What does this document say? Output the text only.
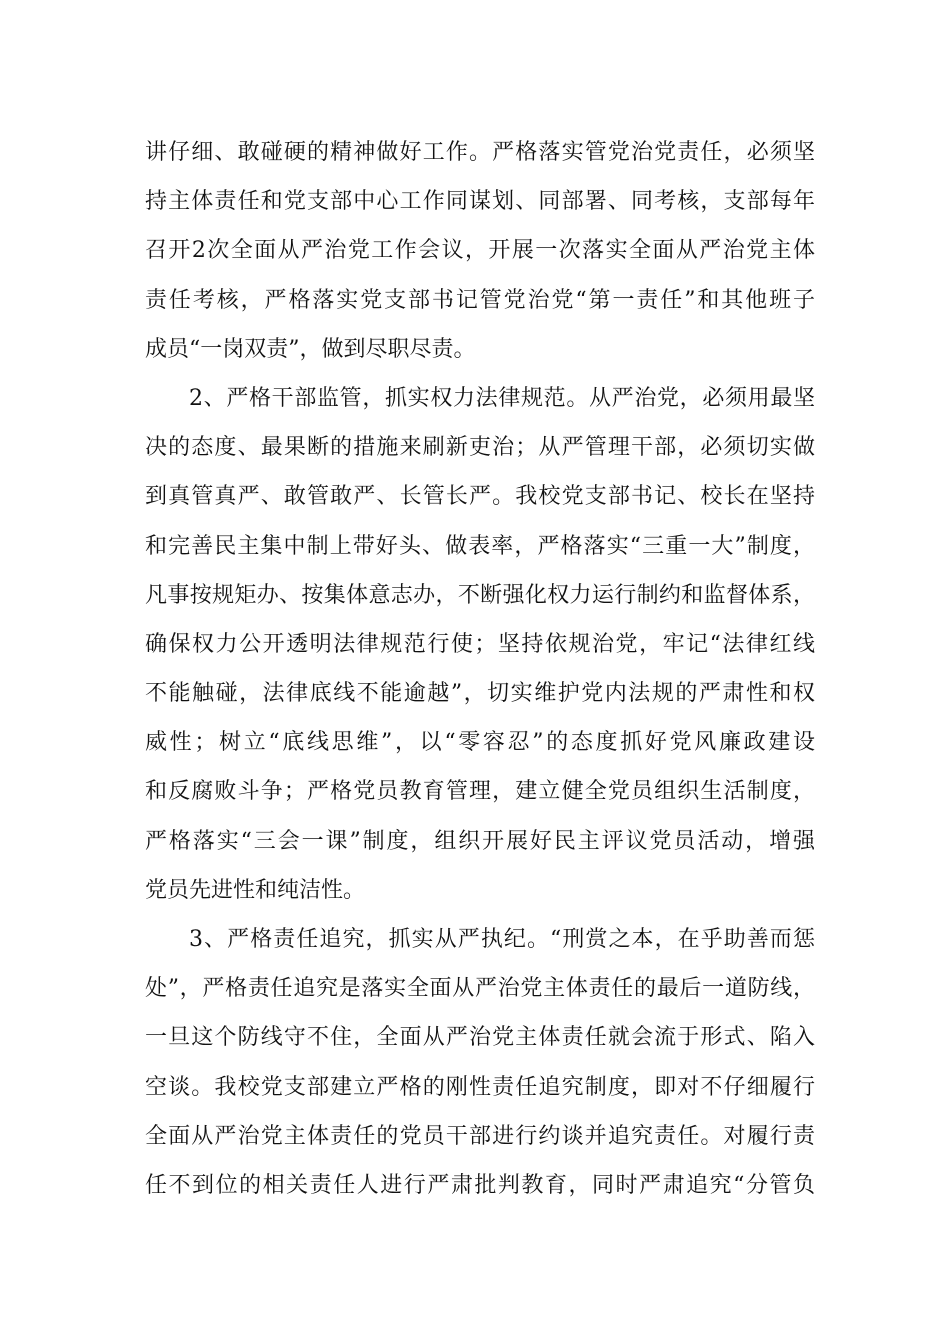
讲仔细、敢碰硬的精神做好工作。严格落实管党治党责任，必须坚
持主体责任和党支部中心工作同谋划、同部署、同考核，支部每年
召开2次全面从严治党工作会议，开展一次落实全面从严治党主体
责任考核，严格落实党支部书记管党治党“第一责任”和其他班子
成员“一岗双责”，做到尽职尽责。
2、严格干部监管，抓实权力法律规范。从严治党，必须用最坚
决的态度、最果断的措施来刷新吏治；从严管理干部，必须切实做
到真管真严、敢管敢严、长管长严。我校党支部书记、校长在坚持
和完善民主集中制上带好头、做表率，严格落实“三重一大”制度，
凡事按规矩办、按集体意志办，不断强化权力运行制约和监督体系，
确保权力公开透明法律规范行使；坚持依规治党，牢记“法律红线
不能触碰，法律底线不能逾越”，切实维护党内法规的严肃性和权
威性；树立“底线思维”，以“零容忍”的态度抓好党风廉政建设
和反腐败斗争；严格党员教育管理，建立健全党员组织生活制度，
严格落实“三会一课”制度，组织开展好民主评议党员活动，增强
党员先进性和纯洁性。
3、严格责任追究，抓实从严执纪。“刑赏之本，在乎助善而惩
处”，严格责任追究是落实全面从严治党主体责任的最后一道防线，
一旦这个防线守不住，全面从严治党主体责任就会流于形式、陷入
空谈。我校党支部建立严格的刚性责任追究制度，即对不仔细履行
全面从严治党主体责任的党员干部进行约谈并追究责任。对履行责
任不到位的相关责任人进行严肃批判教育，同时严肃追究“分管负
